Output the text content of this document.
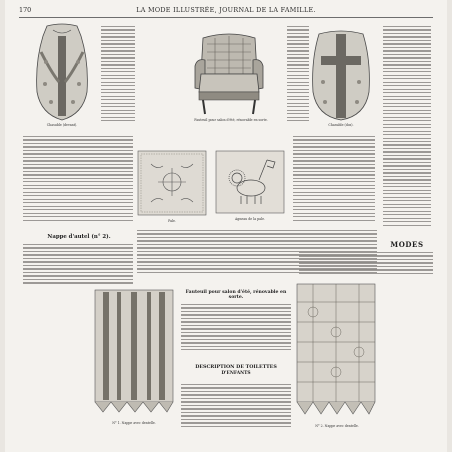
170	LA MODE ILLUSTRÉE, JOURNAL DE LA FAMILLE.
Chasuble (devant).
Fauteuil pour salon d'été, rénovable en sorte.
Chasuble (dos).
Pale.	Agneau de la pale.
Nappe d'autel (n° 2).
MODES
N° 1. Nappe avec dentelle.
Fauteuil pour salon d'été, rénovable en sorte.
DESCRIPTION DE TOILETTES
D'ENFANTS
N° 2. Nappe avec dentelle.
